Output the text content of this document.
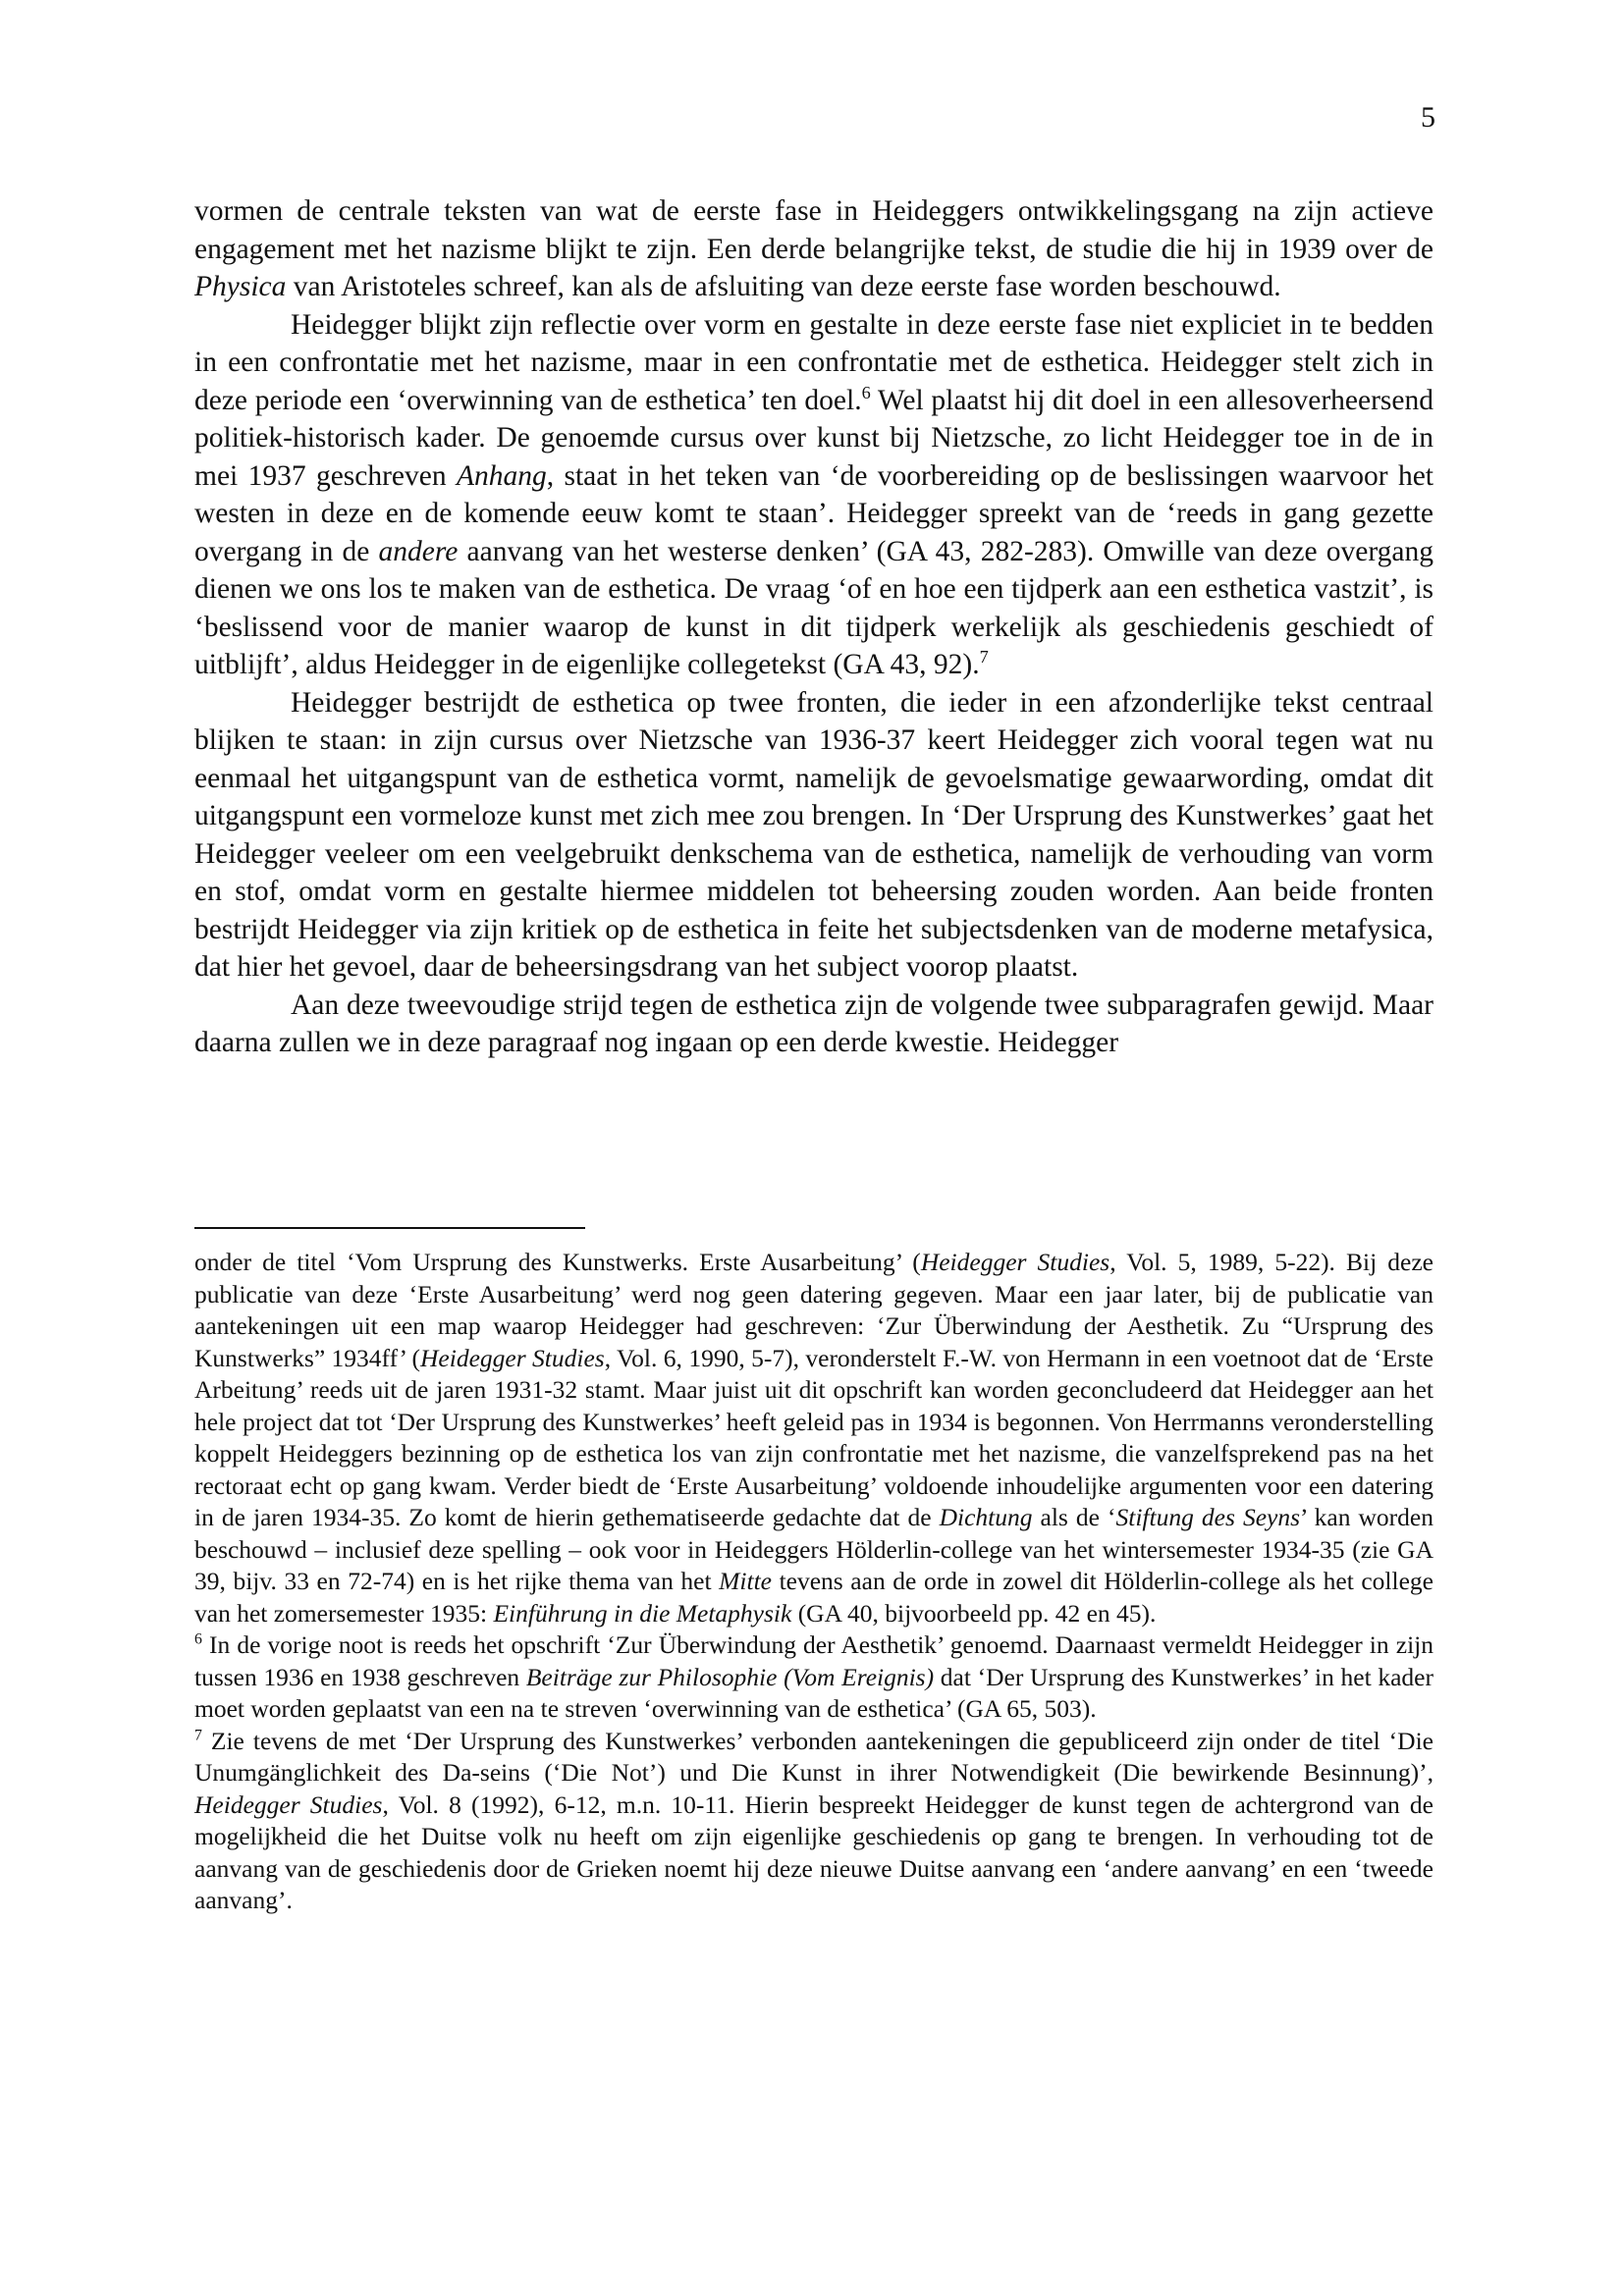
5

vormen de centrale teksten van wat de eerste fase in Heideggers ontwikkelingsgang na zijn actieve engagement met het nazisme blijkt te zijn. Een derde belangrijke tekst, de studie die hij in 1939 over de Physica van Aristoteles schreef, kan als de afsluiting van deze eerste fase worden beschouwd.

Heidegger blijkt zijn reflectie over vorm en gestalte in deze eerste fase niet expliciet in te bedden in een confrontatie met het nazisme, maar in een confrontatie met de esthetica. Heidegger stelt zich in deze periode een ‘overwinning van de esthetica’ ten doel.$^6$ Wel plaatst hij dit doel in een allesoverheersend politiek-historisch kader. De genoemde cursus over kunst bij Nietzsche, zo licht Heidegger toe in de in mei 1937 geschreven Anhang, staat in het teken van ‘de voorbereiding op de beslissingen waarvoor het westen in deze en de komende eeuw komt te staan’. Heidegger spreekt van de ‘reeds in gang gezette overgang in de andere aanvang van het westerse denken’ (GA 43, 282-283). Omwille van deze overgang dienen we ons los te maken van de esthetica. De vraag ‘of en hoe een tijdperk aan een esthetica vastzit’, is ‘beslissend voor de manier waarop de kunst in dit tijdperk werkelijk als geschiedenis geschiedt of uitblijft’, aldus Heidegger in de eigenlijke collegetekst (GA 43, 92).$^7$

Heidegger bestrijdt de esthetica op twee fronten, die ieder in een afzonderlijke tekst centraal blijken te staan: in zijn cursus over Nietzsche van 1936-37 keert Heidegger zich vooral tegen wat nu eenmaal het uitgangspunt van de esthetica vormt, namelijk de gevoelsmatige gewaarwording, omdat dit uitgangspunt een vormeloze kunst met zich mee zou brengen. In ‘Der Ursprung des Kunstwerkes’ gaat het Heidegger veeleer om een veelgebruikt denkschema van de esthetica, namelijk de verhouding van vorm en stof, omdat vorm en gestalte hiermee middelen tot beheersing zouden worden. Aan beide fronten bestrijdt Heidegger via zijn kritiek op de esthetica in feite het subjectsdenken van de moderne metafysica, dat hier het gevoel, daar de beheersingsdrang van het subject voorop plaatst.

Aan deze tweevoudige strijd tegen de esthetica zijn de volgende twee subparagrafen gewijd. Maar daarna zullen we in deze paragraaf nog ingaan op een derde kwestie. Heidegger

onder de titel ‘Vom Ursprung des Kunstwerks. Erste Ausarbeitung’ (Heidegger Studies, Vol. 5, 1989, 5-22). Bij deze publicatie van deze ‘Erste Ausarbeitung’ werd nog geen datering gegeven. Maar een jaar later, bij de publicatie van aantekeningen uit een map waarop Heidegger had geschreven: ‘Zur Überwindung der Aesthetik. Zu “Ursprung des Kunstwerks” 1934ff’ (Heidegger Studies, Vol. 6, 1990, 5-7), veronderstelt F.-W. von Hermann in een voetnoot dat de ‘Erste Arbeitung’ reeds uit de jaren 1931-32 stamt. Maar juist uit dit opschrift kan worden geconcludeerd dat Heidegger aan het hele project dat tot ‘Der Ursprung des Kunstwerkes’ heeft geleid pas in 1934 is begonnen. Von Herrmanns veronderstelling koppelt Heideggers bezinning op de esthetica los van zijn confrontatie met het nazisme, die vanzelfsprekend pas na het rectoraat echt op gang kwam. Verder biedt de ‘Erste Ausarbeitung’ voldoende inhoudelijke argumenten voor een datering in de jaren 1934-35. Zo komt de hierin gethematiseerde gedachte dat de Dichtung als de ‘Stiftung des Seyns’ kan worden beschouwd – inclusief deze spelling – ook voor in Heideggers Hölderlin-college van het wintersemester 1934-35 (zie GA 39, bijv. 33 en 72-74) en is het rijke thema van het Mitte tevens aan de orde in zowel dit Hölderlin-college als het college van het zomersemester 1935: Einführung in die Metaphysik (GA 40, bijvoorbeeld pp. 42 en 45).

$^6$ In de vorige noot is reeds het opschrift ‘Zur Überwindung der Aesthetik’ genoemd. Daarnaast vermeldt Heidegger in zijn tussen 1936 en 1938 geschreven Beiträge zur Philosophie (Vom Ereignis) dat ‘Der Ursprung des Kunstwerkes’ in het kader moet worden geplaatst van een na te streven ‘overwinning van de esthetica’ (GA 65, 503).

$^7$ Zie tevens de met ‘Der Ursprung des Kunstwerkes’ verbonden aantekeningen die gepubliceerd zijn onder de titel ‘Die Unumgänglichkeit des Da-seins (‘Die Not’) und Die Kunst in ihrer Notwendigkeit (Die bewirkende Besinnung)’, Heidegger Studies, Vol. 8 (1992), 6-12, m.n. 10-11. Hierin bespreekt Heidegger de kunst tegen de achtergrond van de mogelijkheid die het Duitse volk nu heeft om zijn eigenlijke geschiedenis op gang te brengen. In verhouding tot de aanvang van de geschiedenis door de Grieken noemt hij deze nieuwe Duitse aanvang een ‘andere aanvang’ en een ‘tweede aanvang’.
